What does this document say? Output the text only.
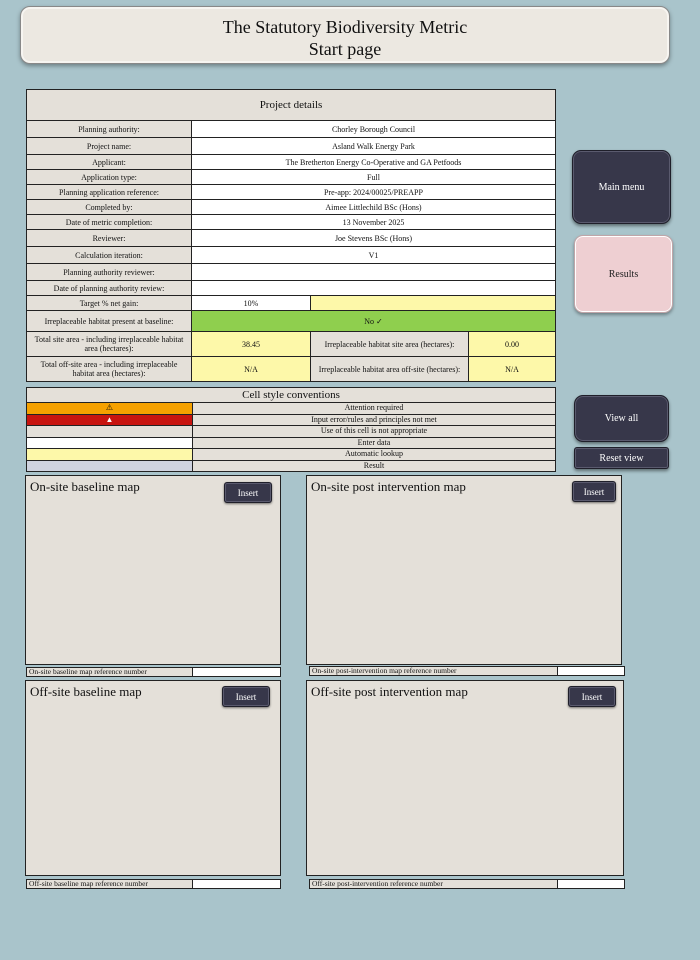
The Statutory Biodiversity Metric
Start page
Project details
Planning authority:	Chorley Borough Council
Project name:	Asland Walk Energy Park
Applicant:	The Bretherton Energy Co-Operative and GA Petfoods
Application type:	Full
Planning application reference:	Pre-app: 2024/00025/PREAPP
Completed by:	Aimee Littlechild BSc (Hons)
Date of metric completion:	13 November 2025
Reviewer:	Joe Stevens BSc (Hons)
Calculation iteration:	V1
Planning authority reviewer:
Date of planning authority review:
Target % net gain:	10%
Irreplaceable habitat present at baseline:	No ✓
Total site area - including irreplaceable habitat area (hectares):	38.45	Irreplaceable habitat site area (hectares):	0.00
Total off-site area - including irreplaceable habitat area (hectares):	N/A	Irreplaceable habitat area off-site (hectares):	N/A
Main menu
Results
View all
Reset view
Cell style conventions
⚠	Attention required
▲	Input error/rules and principles not met
Use of this cell is not appropriate
Enter data
Automatic lookup
Result
On-site baseline map	Insert
On-site baseline map reference number
On-site post intervention map	Insert
On-site post-intervention map reference number
Off-site baseline map	Insert
Off-site baseline map reference number
Off-site post intervention map	Insert
Off-site post-intervention reference number
